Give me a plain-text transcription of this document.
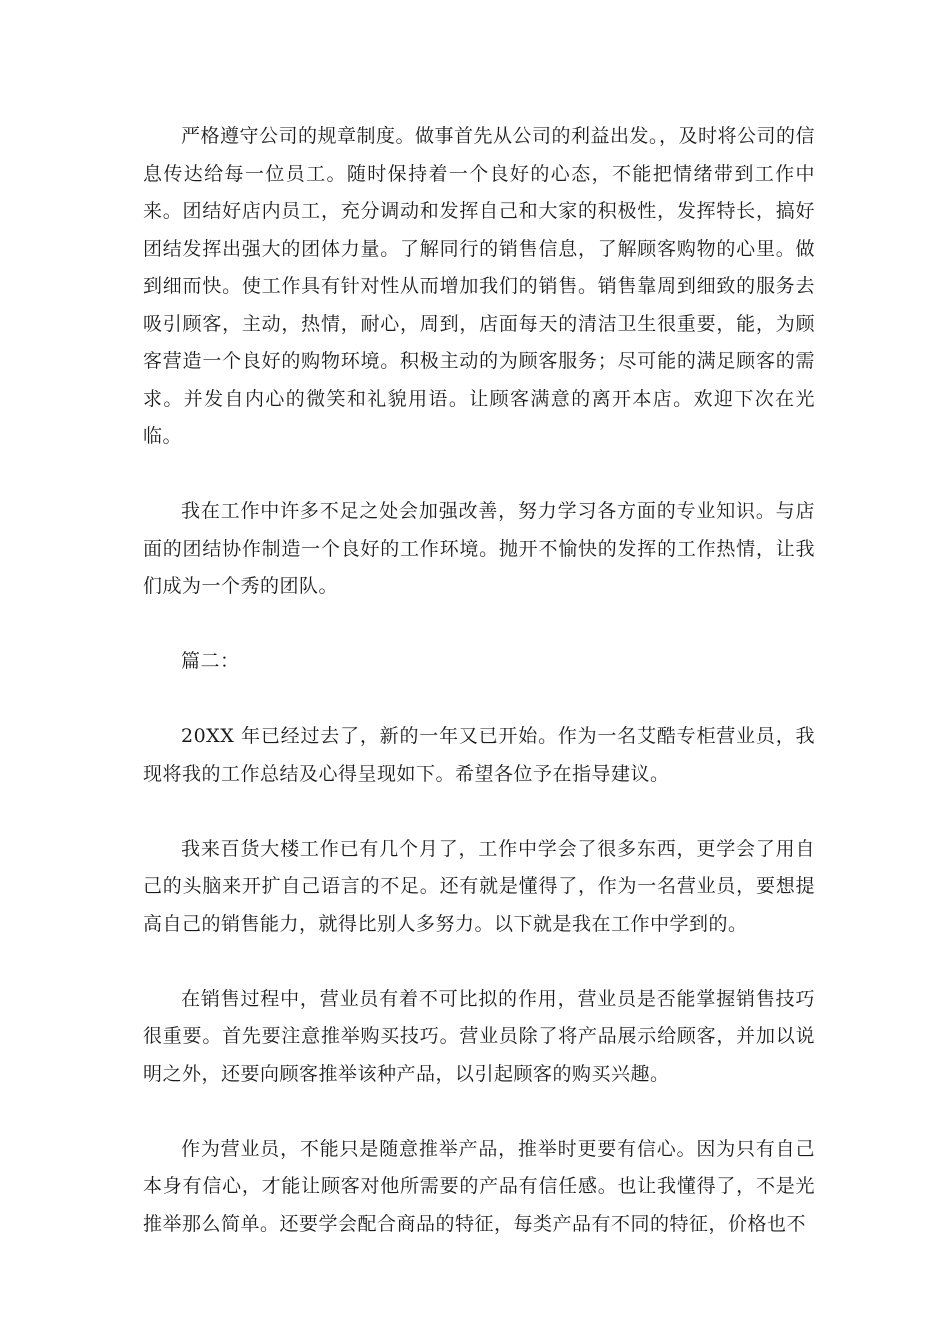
严格遵守公司的规章制度。做事首先从公司的利益出发。，及时将公司的信息传达给每一位员工。随时保持着一个良好的心态，不能把情绪带到工作中来。团结好店内员工，充分调动和发挥自己和大家的积极性，发挥特长，搞好团结发挥出强大的团体力量。了解同行的销售信息，了解顾客购物的心里。做到细而快。使工作具有针对性从而增加我们的销售。销售靠周到细致的服务去吸引顾客，主动，热情，耐心，周到，店面每天的清洁卫生很重要，能，为顾客营造一个良好的购物环境。积极主动的为顾客服务；尽可能的满足顾客的需求。并发自内心的微笑和礼貌用语。让顾客满意的离开本店。欢迎下次在光临。

我在工作中许多不足之处会加强改善，努力学习各方面的专业知识。与店面的团结协作制造一个良好的工作环境。抛开不愉快的发挥的工作热情，让我们成为一个秀的团队。

篇二：

20XX 年已经过去了，新的一年又已开始。作为一名艾酷专柜营业员，我现将我的工作总结及心得呈现如下。希望各位予在指导建议。

我来百货大楼工作已有几个月了，工作中学会了很多东西，更学会了用自己的头脑来开扩自己语言的不足。还有就是懂得了，作为一名营业员，要想提高自己的销售能力，就得比别人多努力。以下就是我在工作中学到的。

在销售过程中，营业员有着不可比拟的作用，营业员是否能掌握销售技巧很重要。首先要注意推举购买技巧。营业员除了将产品展示给顾客，并加以说明之外，还要向顾客推举该种产品，以引起顾客的购买兴趣。

作为营业员，不能只是随意推举产品，推举时更要有信心。因为只有自己本身有信心，才能让顾客对他所需要的产品有信任感。也让我懂得了，不是光推举那么简单。还要学会配合商品的特征，每类产品有不同的特征，价格也不
